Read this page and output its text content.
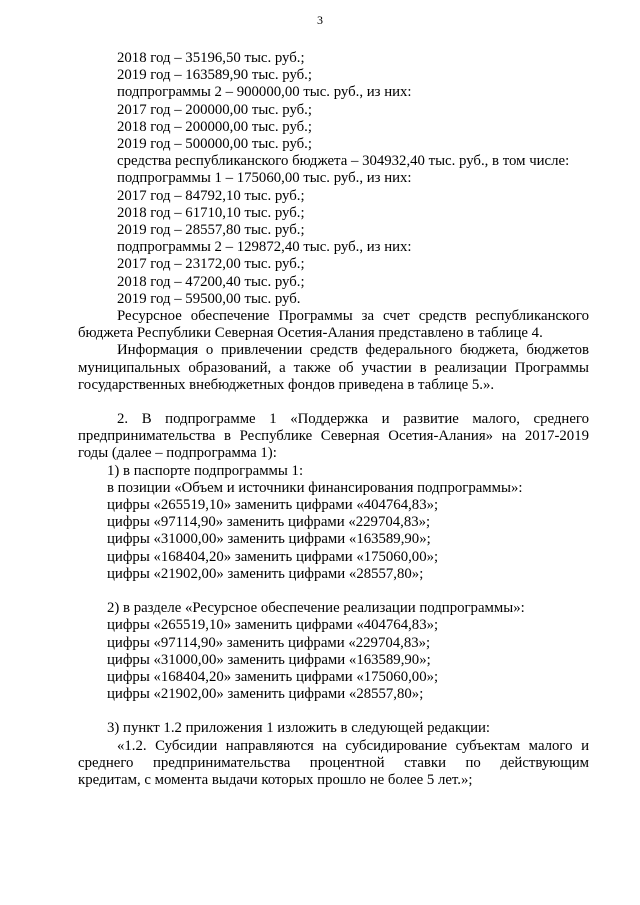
3
2018 год – 35196,50 тыс. руб.;
2019 год – 163589,90 тыс. руб.;
подпрограммы 2 – 900000,00 тыс. руб., из них:
2017 год – 200000,00 тыс. руб.;
2018 год – 200000,00 тыс. руб.;
2019 год – 500000,00 тыс. руб.;
средства республиканского бюджета – 304932,40 тыс. руб., в том числе:
подпрограммы 1 – 175060,00 тыс. руб., из них:
2017 год – 84792,10 тыс. руб.;
2018 год – 61710,10 тыс. руб.;
2019 год – 28557,80 тыс. руб.;
подпрограммы 2 – 129872,40 тыс. руб., из них:
2017 год – 23172,00 тыс. руб.;
2018 год – 47200,40 тыс. руб.;
2019 год – 59500,00 тыс. руб.
Ресурсное обеспечение Программы за счет средств республиканского
бюджета Республики Северная Осетия-Алания представлено в таблице 4.
Информация о привлечении средств федерального бюджета, бюджетов
муниципальных образований, а также об участии в реализации Программы
государственных внебюджетных фондов приведена в таблице 5.».
2. В подпрограмме 1 «Поддержка и развитие малого, среднего
предпринимательства в Республике Северная Осетия-Алания» на 2017-2019
годы (далее – подпрограмма 1):
1) в паспорте подпрограммы 1:
в позиции «Объем и источники финансирования подпрограммы»:
цифры «265519,10» заменить цифрами «404764,83»;
цифры «97114,90» заменить цифрами «229704,83»;
цифры «31000,00» заменить цифрами «163589,90»;
цифры «168404,20» заменить цифрами «175060,00»;
цифры «21902,00» заменить цифрами «28557,80»;
2) в разделе «Ресурсное обеспечение реализации подпрограммы»:
цифры «265519,10» заменить цифрами «404764,83»;
цифры «97114,90» заменить цифрами «229704,83»;
цифры «31000,00» заменить цифрами «163589,90»;
цифры «168404,20» заменить цифрами «175060,00»;
цифры «21902,00» заменить цифрами «28557,80»;
3) пункт 1.2 приложения 1 изложить в следующей редакции:
«1.2. Субсидии направляются на субсидирование субъектам малого и
среднего предпринимательства процентной ставки по действующим
кредитам, с момента выдачи которых прошло не более 5 лет.»;
